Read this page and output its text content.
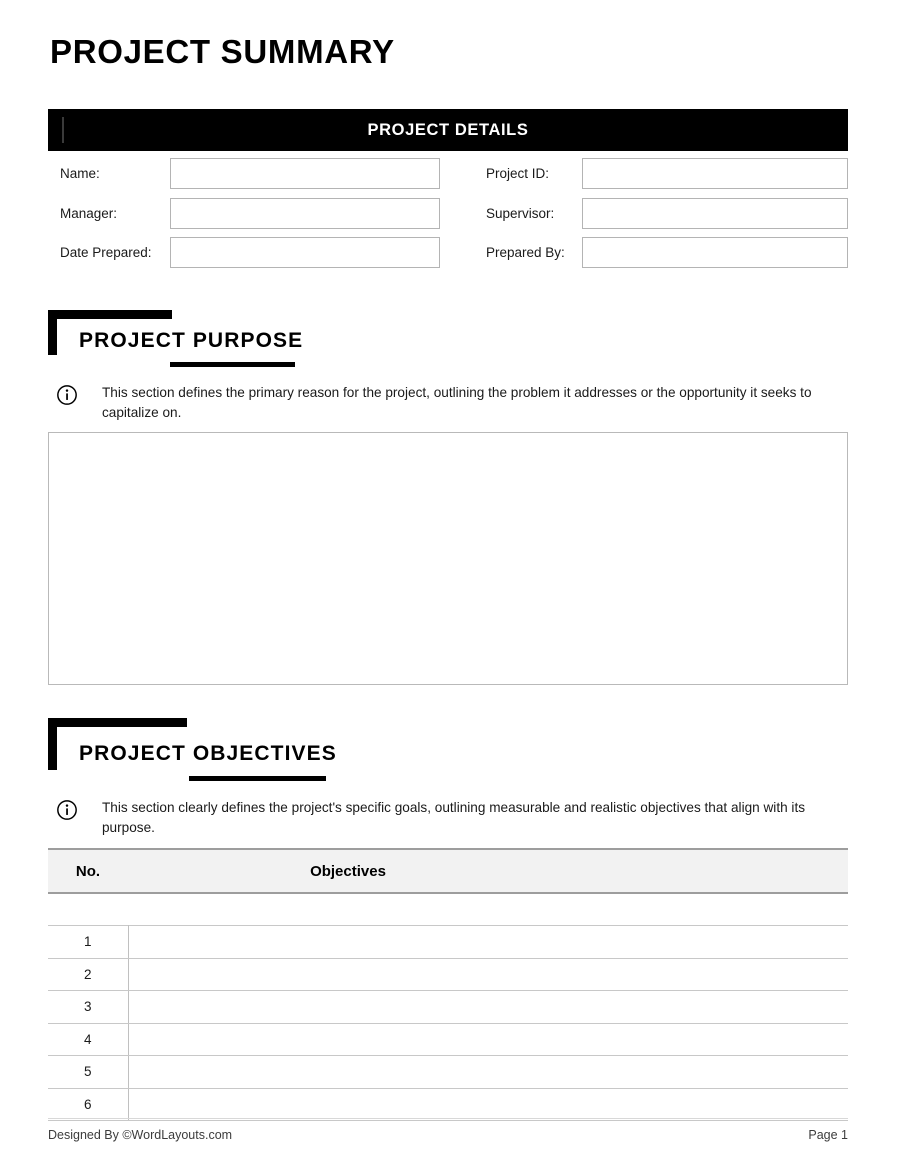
PROJECT SUMMARY
PROJECT DETAILS
Name:	Project ID:
Manager:	Supervisor:
Date Prepared:	Prepared By:
PROJECT PURPOSE
This section defines the primary reason for the project, outlining the problem it addresses or the opportunity it seeks to capitalize on.
PROJECT OBJECTIVES
This section clearly defines the project's specific goals, outlining measurable and realistic objectives that align with its purpose.
No.	Objectives

1	
2	
3	
4	
5	
6	
Designed By ©WordLayouts.com	Page 1
